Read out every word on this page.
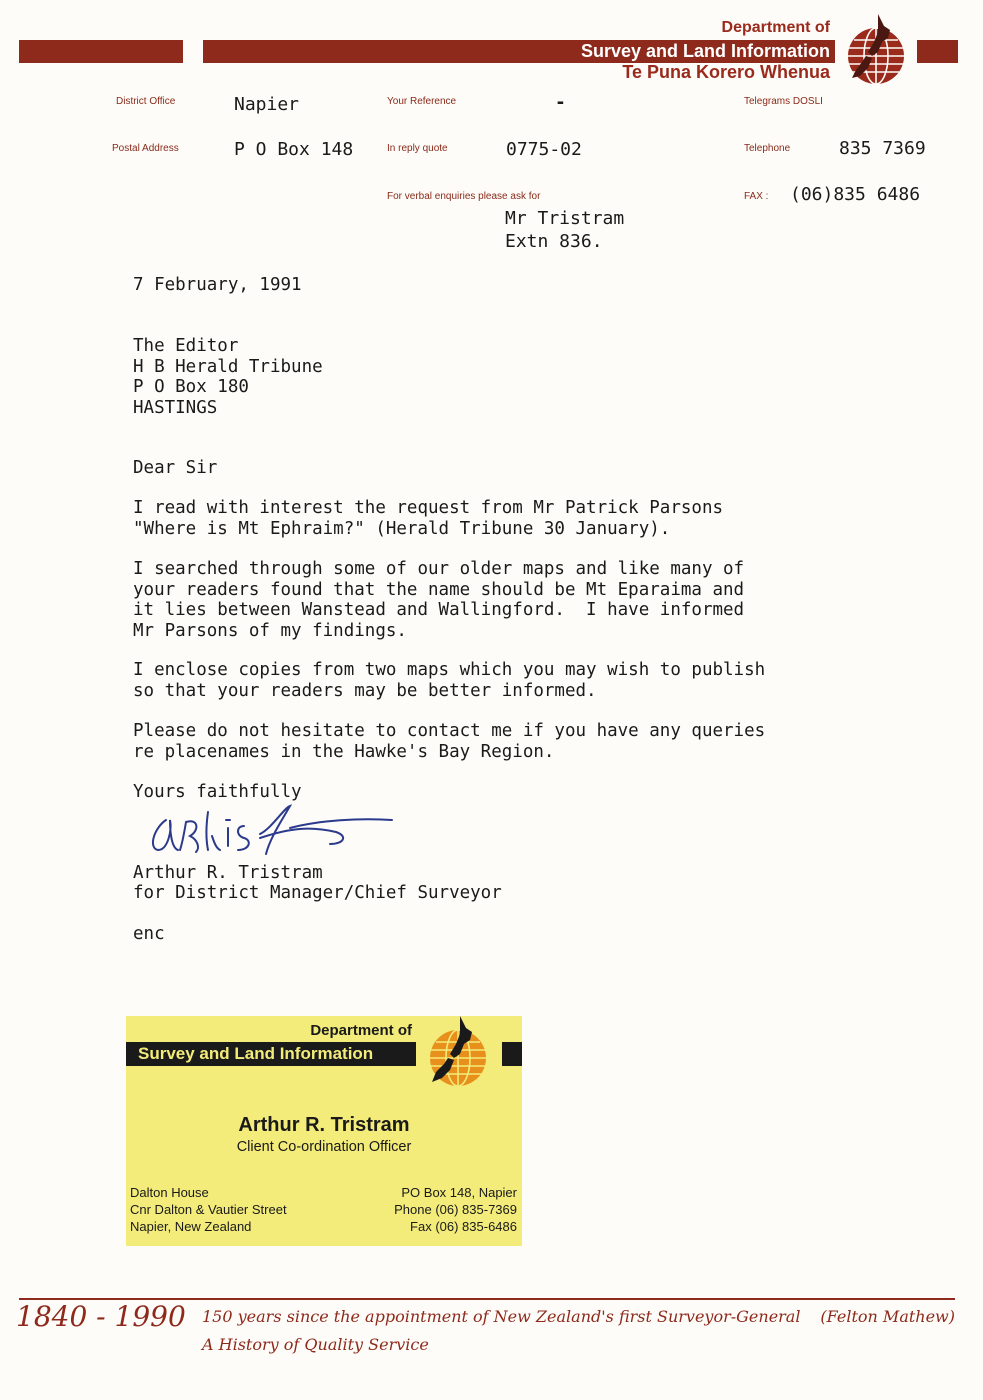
Department of
Survey and Land Information
Te Puna Korero Whenua
District Office	Napier	Your Reference	-	Telegrams DOSLI
Postal Address	P O Box 148	In reply quote	0775-02	Telephone	835 7369
For verbal enquiries please ask for	FAX : (06)835 6486
Mr Tristram
Extn 836.
7 February, 1991
The Editor
H B Herald Tribune
P O Box 180
HASTINGS
Dear Sir
I read with interest the request from Mr Patrick Parsons
"Where is Mt Ephraim?" (Herald Tribune 30 January).
I searched through some of our older maps and like many of
your readers found that the name should be Mt Eparaima and
it lies between Wanstead and Wallingford.  I have informed
Mr Parsons of my findings.
I enclose copies from two maps which you may wish to publish
so that your readers may be better informed.
Please do not hesitate to contact me if you have any queries
re placenames in the Hawke's Bay Region.
Yours faithfully
Arthur R. Tristram
for District Manager/Chief Surveyor
enc
Department of
Survey and Land Information
Arthur R. Tristram
Client Co-ordination Officer
Dalton House
Cnr Dalton & Vautier Street
Napier, New Zealand
PO Box 148, Napier
Phone (06) 835-7369
Fax (06) 835-6486
1840 - 1990 150 years since the appointment of New Zealand's first Surveyor-General (Felton Mathew)
A History of Quality Service
